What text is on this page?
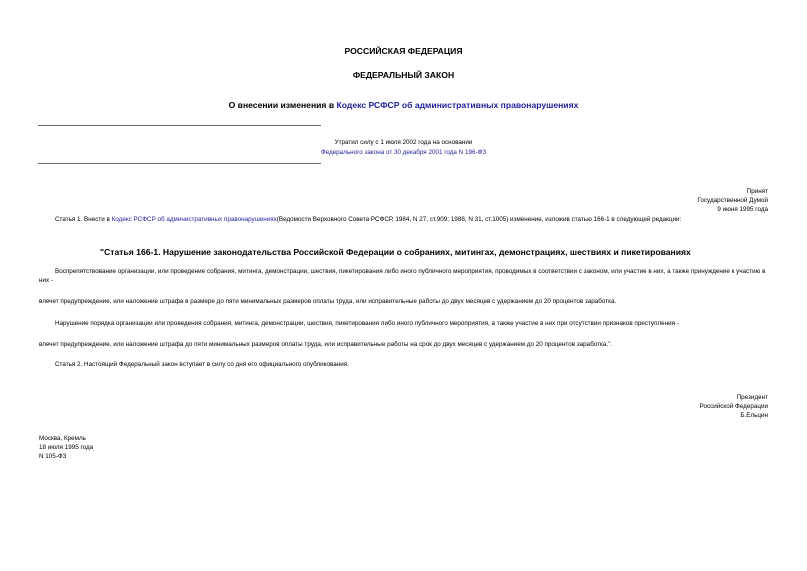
РОССИЙСКАЯ ФЕДЕРАЦИЯ
ФЕДЕРАЛЬНЫЙ ЗАКОН
О внесении изменения в Кодекс РСФСР об административных правонарушениях
Утратил силу с 1 июля 2002 года на основании
Федерального закона от 30 декабря 2001 года N 196-ФЗ
Принят
Государственной Думой
9 июня 1995 года
Статья 1. Внести в Кодекс РСФСР об административных правонарушениях(Ведомости Верховного Совета РСФСР, 1984, N 27, ст.909; 1988, N 31, ст.1005) изменение, изложив статью 166-1 в следующей редакции:
"Статья 166-1. Нарушение законодательства Российской Федерации о собраниях, митингах, демонстрациях, шествиях и пикетированиях
Воспрепятствование организации, или проведение собрания, митинга, демонстрации, шествия, пикетирования либо иного публичного мероприятия, проводимых в соответствии с законом, или участие в них, а также принуждение к участию в них -
влечет предупреждение, или наложение штрафа в размере до пяти минимальных размеров оплаты труда, или исправительные работы до двух месяцев с удержанием до 20 процентов заработка.
Нарушение порядка организации или проведения собрания, митинга, демонстрации, шествия, пикетирования либо иного публичного мероприятия, а также участие в них при отсутствии признаков преступления -
влечет предупреждение, или наложение штрафа до пяти минимальных размеров оплаты труда, или исправительные работы на срок до двух месяцев с удержанием до 20 процентов заработка.".
Статья 2. Настоящий Федеральный закон вступает в силу со дня его официального опубликования.
Президент
Российской Федерации
Б.Ельцин
Москва, Кремль
18 июля 1995 года
N 105-ФЗ
